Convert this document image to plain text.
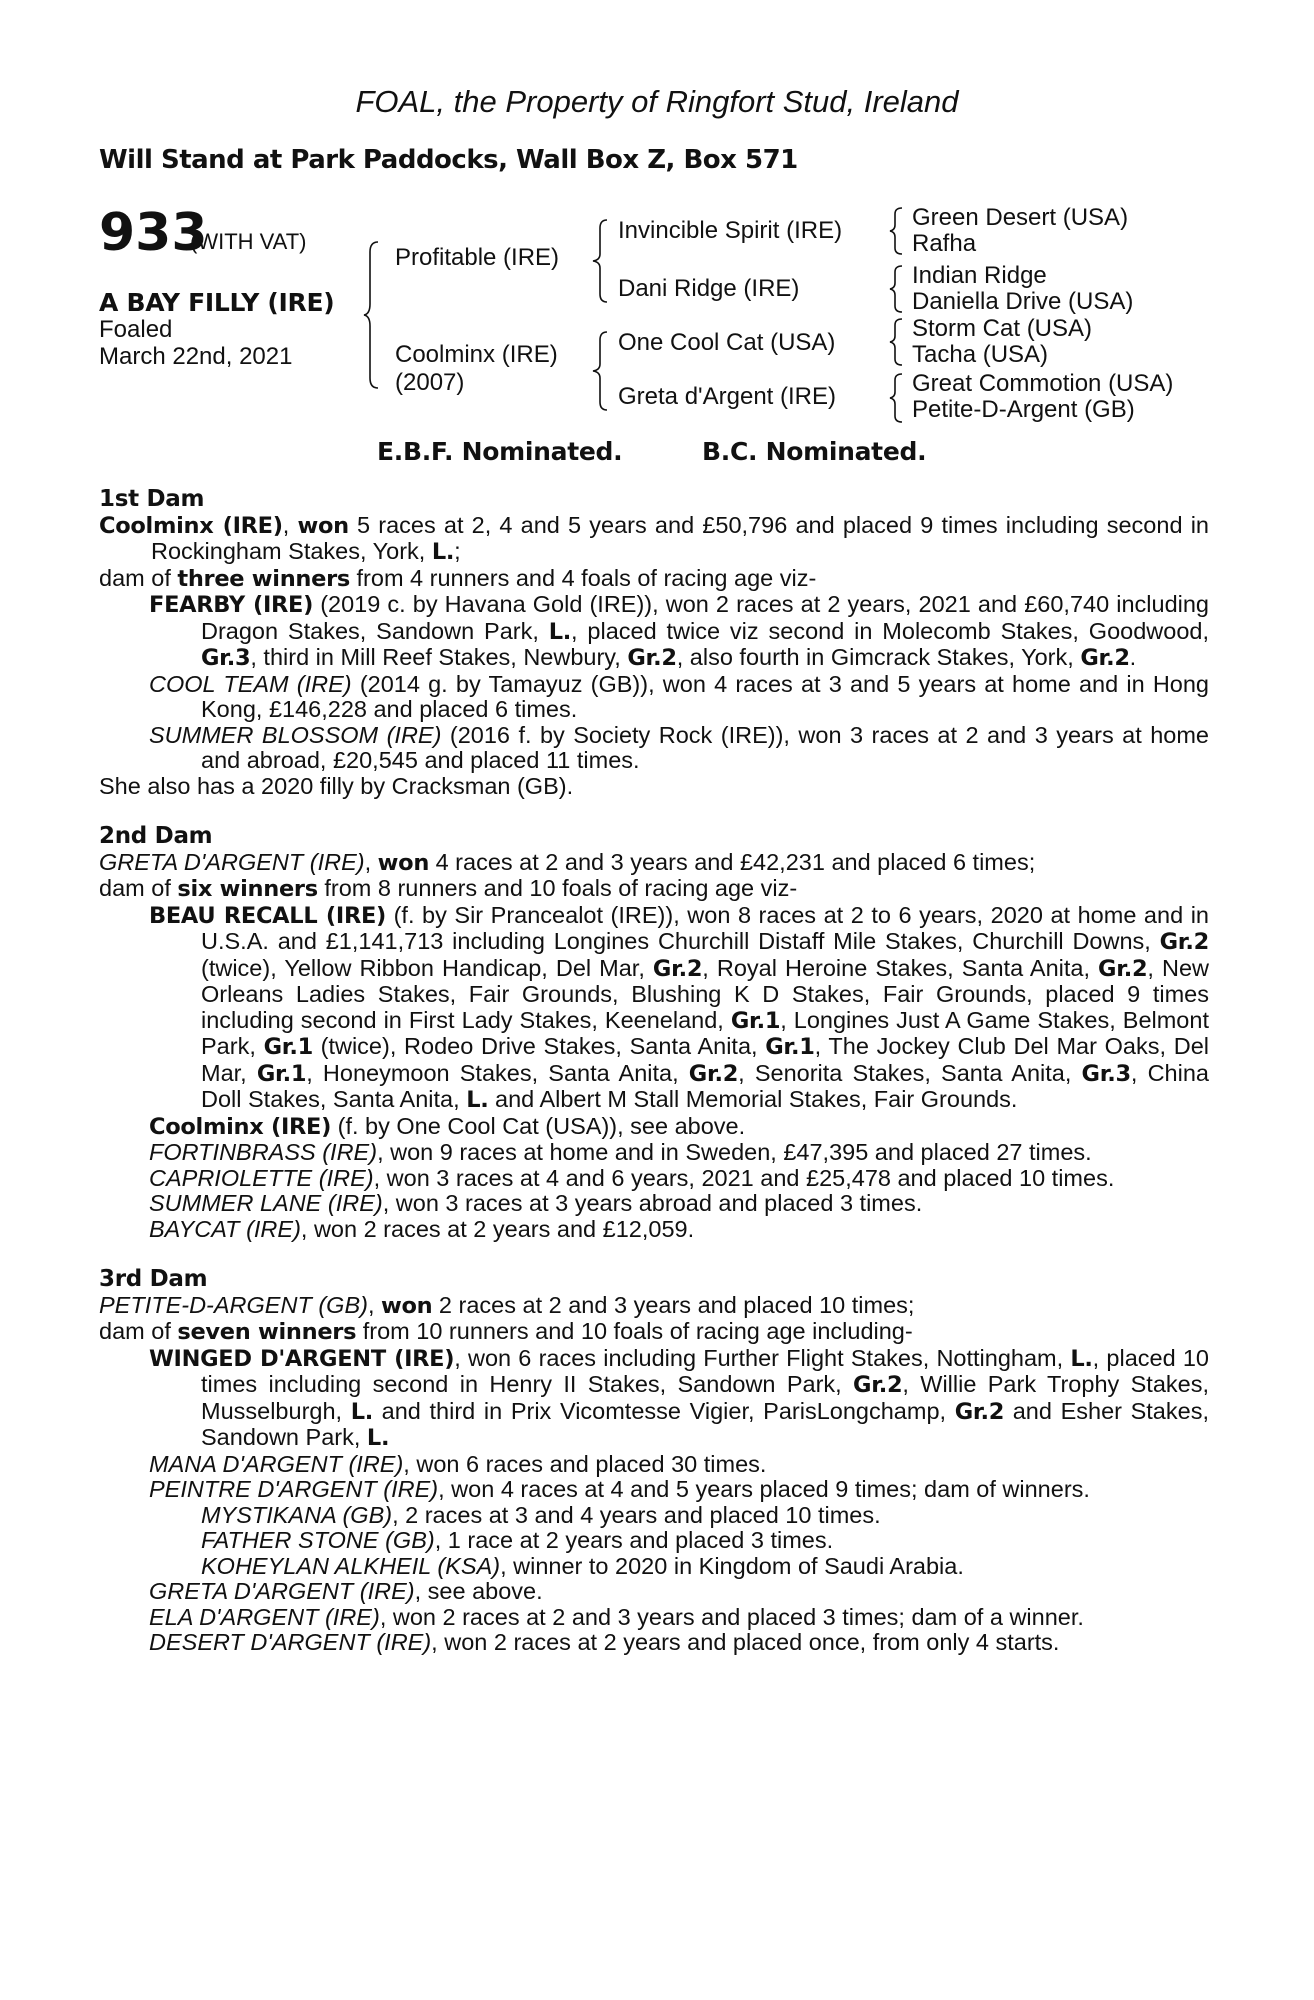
FOAL, the Property of Ringfort Stud, Ireland
Will Stand at Park Paddocks, Wall Box Z, Box 571
933
(WITH VAT)
A BAY FILLY (IRE)
Foaled
March 22nd, 2021
Profitable (IRE)
Coolminx (IRE)
(2007)
Invincible Spirit (IRE)
Dani Ridge (IRE)
One Cool Cat (USA)
Greta d'Argent (IRE)
Green Desert (USA)
Rafha
Indian Ridge
Daniella Drive (USA)
Storm Cat (USA)
Tacha (USA)
Great Commotion (USA)
Petite-D-Argent (GB)
E.B.F. Nominated.	B.C. Nominated.
1st Dam

Coolminx (IRE), won 5 races at 2, 4 and 5 years and £50,796 and placed 9 times including second in Rockingham Stakes, York, L.;

dam of three winners from 4 runners and 4 foals of racing age viz-

FEARBY (IRE) (2019 c. by Havana Gold (IRE)), won 2 races at 2 years, 2021 and £60,740 including Dragon Stakes, Sandown Park, L., placed twice viz second in Molecomb Stakes, Goodwood, Gr.3, third in Mill Reef Stakes, Newbury, Gr.2, also fourth in Gimcrack Stakes, York, Gr.2.

COOL TEAM (IRE) (2014 g. by Tamayuz (GB)), won 4 races at 3 and 5 years at home and in Hong Kong, £146,228 and placed 6 times.

SUMMER BLOSSOM (IRE) (2016 f. by Society Rock (IRE)), won 3 races at 2 and 3 years at home and abroad, £20,545 and placed 11 times.

She also has a 2020 filly by Cracksman (GB).

2nd Dam

GRETA D'ARGENT (IRE), won 4 races at 2 and 3 years and £42,231 and placed 6 times;

dam of six winners from 8 runners and 10 foals of racing age viz-

BEAU RECALL (IRE) (f. by Sir Prancealot (IRE)), won 8 races at 2 to 6 years, 2020 at home and in U.S.A. and £1,141,713 including Longines Churchill Distaff Mile Stakes, Churchill Downs, Gr.2 (twice), Yellow Ribbon Handicap, Del Mar, Gr.2, Royal Heroine Stakes, Santa Anita, Gr.2, New Orleans Ladies Stakes, Fair Grounds, Blushing K D Stakes, Fair Grounds, placed 9 times including second in First Lady Stakes, Keeneland, Gr.1, Longines Just A Game Stakes, Belmont Park, Gr.1 (twice), Rodeo Drive Stakes, Santa Anita, Gr.1, The Jockey Club Del Mar Oaks, Del Mar, Gr.1, Honeymoon Stakes, Santa Anita, Gr.2, Senorita Stakes, Santa Anita, Gr.3, China Doll Stakes, Santa Anita, L. and Albert M Stall Memorial Stakes, Fair Grounds.

Coolminx (IRE) (f. by One Cool Cat (USA)), see above.

FORTINBRASS (IRE), won 9 races at home and in Sweden, £47,395 and placed 27 times.

CAPRIOLETTE (IRE), won 3 races at 4 and 6 years, 2021 and £25,478 and placed 10 times.

SUMMER LANE (IRE), won 3 races at 3 years abroad and placed 3 times.

BAYCAT (IRE), won 2 races at 2 years and £12,059.

3rd Dam

PETITE-D-ARGENT (GB), won 2 races at 2 and 3 years and placed 10 times;

dam of seven winners from 10 runners and 10 foals of racing age including-

WINGED D'ARGENT (IRE), won 6 races including Further Flight Stakes, Nottingham, L., placed 10 times including second in Henry II Stakes, Sandown Park, Gr.2, Willie Park Trophy Stakes, Musselburgh, L. and third in Prix Vicomtesse Vigier, ParisLongchamp, Gr.2 and Esher Stakes, Sandown Park, L.

MANA D'ARGENT (IRE), won 6 races and placed 30 times.

PEINTRE D'ARGENT (IRE), won 4 races at 4 and 5 years placed 9 times; dam of winners.

MYSTIKANA (GB), 2 races at 3 and 4 years and placed 10 times.

FATHER STONE (GB), 1 race at 2 years and placed 3 times.

KOHEYLAN ALKHEIL (KSA), winner to 2020 in Kingdom of Saudi Arabia.

GRETA D'ARGENT (IRE), see above.

ELA D'ARGENT (IRE), won 2 races at 2 and 3 years and placed 3 times; dam of a winner.

DESERT D'ARGENT (IRE), won 2 races at 2 years and placed once, from only 4 starts.
